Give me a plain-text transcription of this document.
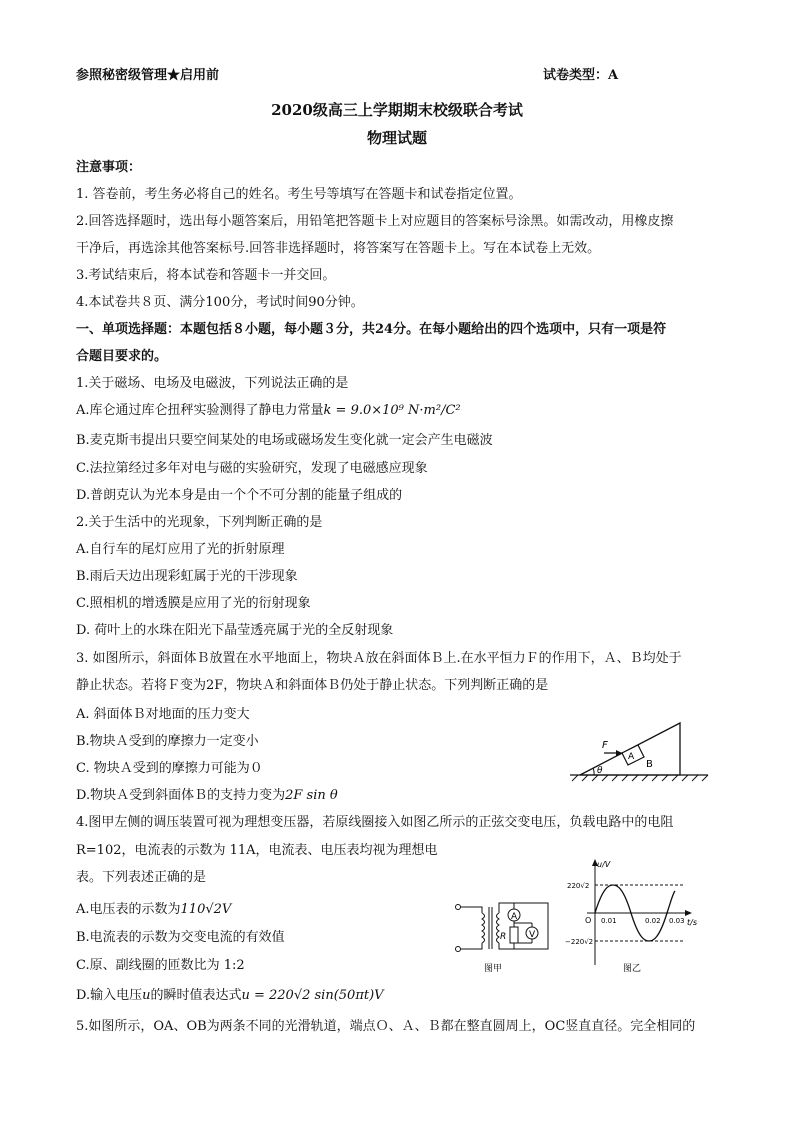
参照秘密级管理★启用前	试卷类型：A
2020级高三上学期期末校级联合考试
物理试题
注意事项：
1. 答卷前，考生务必将自己的姓名。考生号等填写在答题卡和试卷指定位置。
2.回答选择题时，选出每小题答案后，用铅笔把答题卡上对应题目的答案标号涂黑。如需改动，用橡皮擦
干净后，再选涂其他答案标号.回答非选择题时，将答案写在答题卡上。写在本试卷上无效。
3.考试结束后，将本试卷和答题卡一并交回。
4.本试卷共８页、满分100分，考试时间90分钟。
一、单项选择题：本题包括８小题，每小题３分，共24分。在每小题给出的四个选项中，只有一项是符
合题目要求的。
1.关于磁场、电场及电磁波，下列说法正确的是
A.库仑通过库仑扭秤实验测得了静电力常量k = 9.0×10⁹ N·m²/C²
B.麦克斯韦提出只要空间某处的电场或磁场发生变化就一定会产生电磁波
C.法拉第经过多年对电与磁的实验研究，发现了电磁感应现象
D.普朗克认为光本身是由一个个不可分割的能量子组成的
2.关于生活中的光现象，下列判断正确的是
A.自行车的尾灯应用了光的折射原理
B.雨后天边出现彩虹属于光的干涉现象
C.照相机的增透膜是应用了光的衍射现象
D. 荷叶上的水珠在阳光下晶莹透亮属于光的全反射现象
3. 如图所示，斜面体Ｂ放置在水平地面上，物块Ａ放在斜面体Ｂ上.在水平恒力Ｆ的作用下，Ａ、Ｂ均处于
静止状态。若将Ｆ变为2F，物块Ａ和斜面体Ｂ仍处于静止状态。下列判断正确的是
A. 斜面体Ｂ对地面的压力变大
B.物块Ａ受到的摩擦力一定变小
C. 物块Ａ受到的摩擦力可能为０
D.物块Ａ受到斜面体Ｂ的支持力变为2F sin θ
F
A
B
θ
4.图甲左侧的调压装置可视为理想变压器，若原线圈接入如图乙所示的正弦交变电压，负载电路中的电阻
R=102，电流表的示数为 11A，电流表、电压表均视为理想电
表。下列表述正确的是
A.电压表的示数为110√2V
B.电流表的示数为交变电流的有效值
C.原、副线圈的匝数比为 1:2
D.输入电压u的瞬时值表达式u = 220√2 sin(50πt)V
A
R	V
图甲
u/V
t/s
O
220√2
−220√2
0.01	0.02 0.03
图乙
5.如图所示，OA、OB为两条不同的光滑轨道，端点Ｏ、Ａ、Ｂ都在整直圆周上，OC竖直直径。完全相同的
